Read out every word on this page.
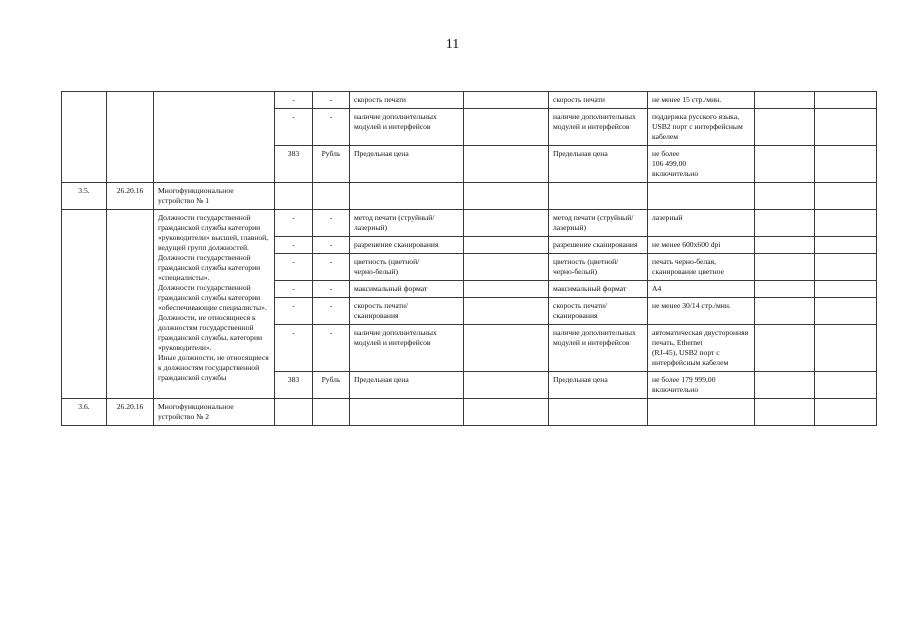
11
			-	-	скорость печати		скорость печати	не менее 15 стр./мин.		
			-	-	наличие дополнительных модулей и интерфейсов		наличие дополнительных модулей и интерфейсов	поддержка русского языка, USB2 порт с интерфейсным кабелем		
			383	Рубль	Предельная цена		Предельная цена	не более
106 499,00
включительно		
3.5.	26.20.16	Многофункциональное устройство № 1								
		Должности государственной гражданской службы категории «руководители» высшей, главной, ведущей групп должностей.
Должности государственной гражданской службы категории «специалисты».
Должности государственной гражданской службы категории «обеспечивающие специалисты».
Должности, не относящиеся к должностям государственной гражданской службы, категории «руководители».
Иные должности, не относящиеся к должностям государственной гражданской службы	-	-	метод печати (струйный/лазерный)		метод печати (струйный/
лазерный)	лазерный		
			-	-	разрешение сканирования		разрешение сканирования	не менее 600x600 dpi		
			-	-	цветность (цветной/
черно-белый)		цветность (цветной/
черно-белый)	печать черно-белая, сканирование цветное		
			-	-	максимальный формат		максимальный формат	А4		
			-	-	скорость печати/
сканирования		скорость печати/
сканирования	не менее 30/14 стр./мин.		
			-	-	наличие дополнительных модулей и интерфейсов		наличие дополнительных модулей и интерфейсов	автоматическая двусторонняя печать, Ethernet
(RJ-45), USB2 порт с интерфейсным кабелем		
			383	Рубль	Предельная цена		Предельная цена	не более 179 999,00 включительно		
3.6.	26.20.16	Многофункциональное устройство № 2								
